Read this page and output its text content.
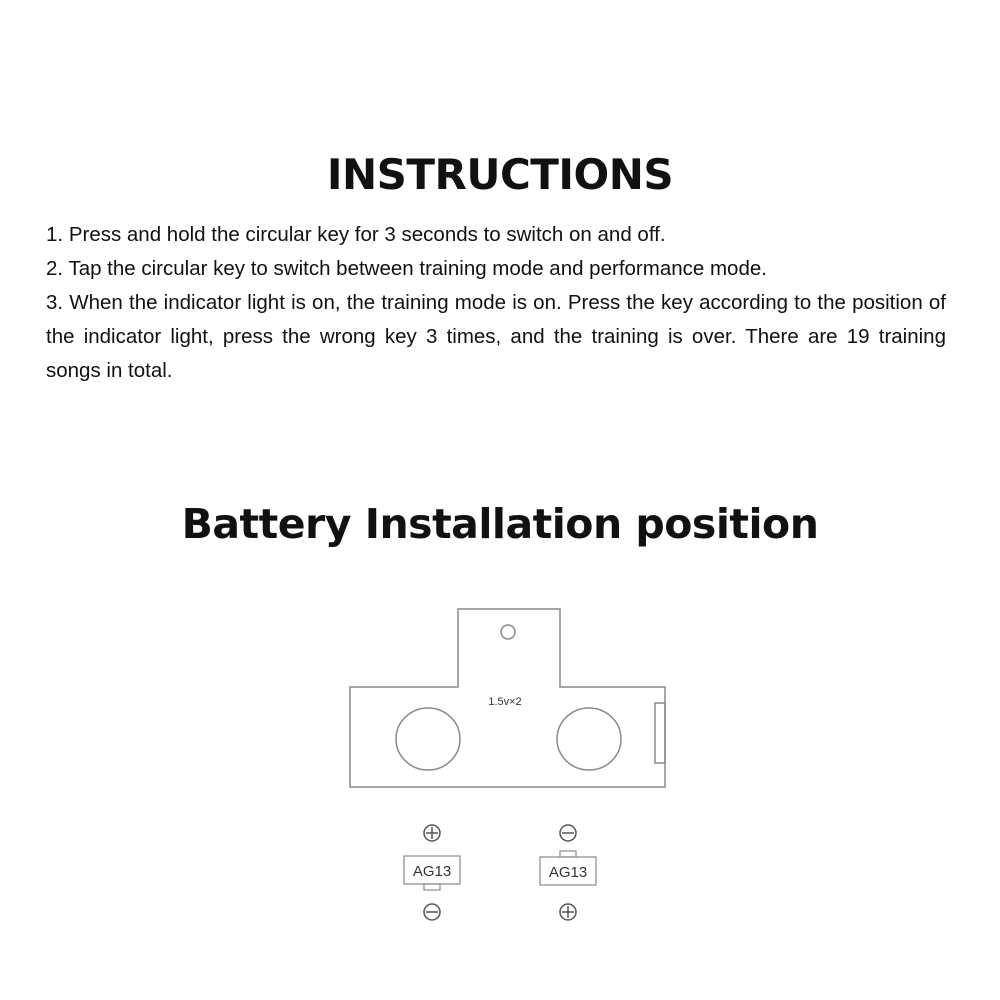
INSTRUCTIONS
1. Press and hold the circular key for 3 seconds to switch on and off.
2. Tap the circular key to switch between training mode and performance mode.
3. When the indicator light is on, the training mode is on. Press the key according to the position of the indicator light, press the wrong key 3 times, and the training is over. There are 19 training songs in total.
Battery Installation position
1.5v×2
AG13	AG13
